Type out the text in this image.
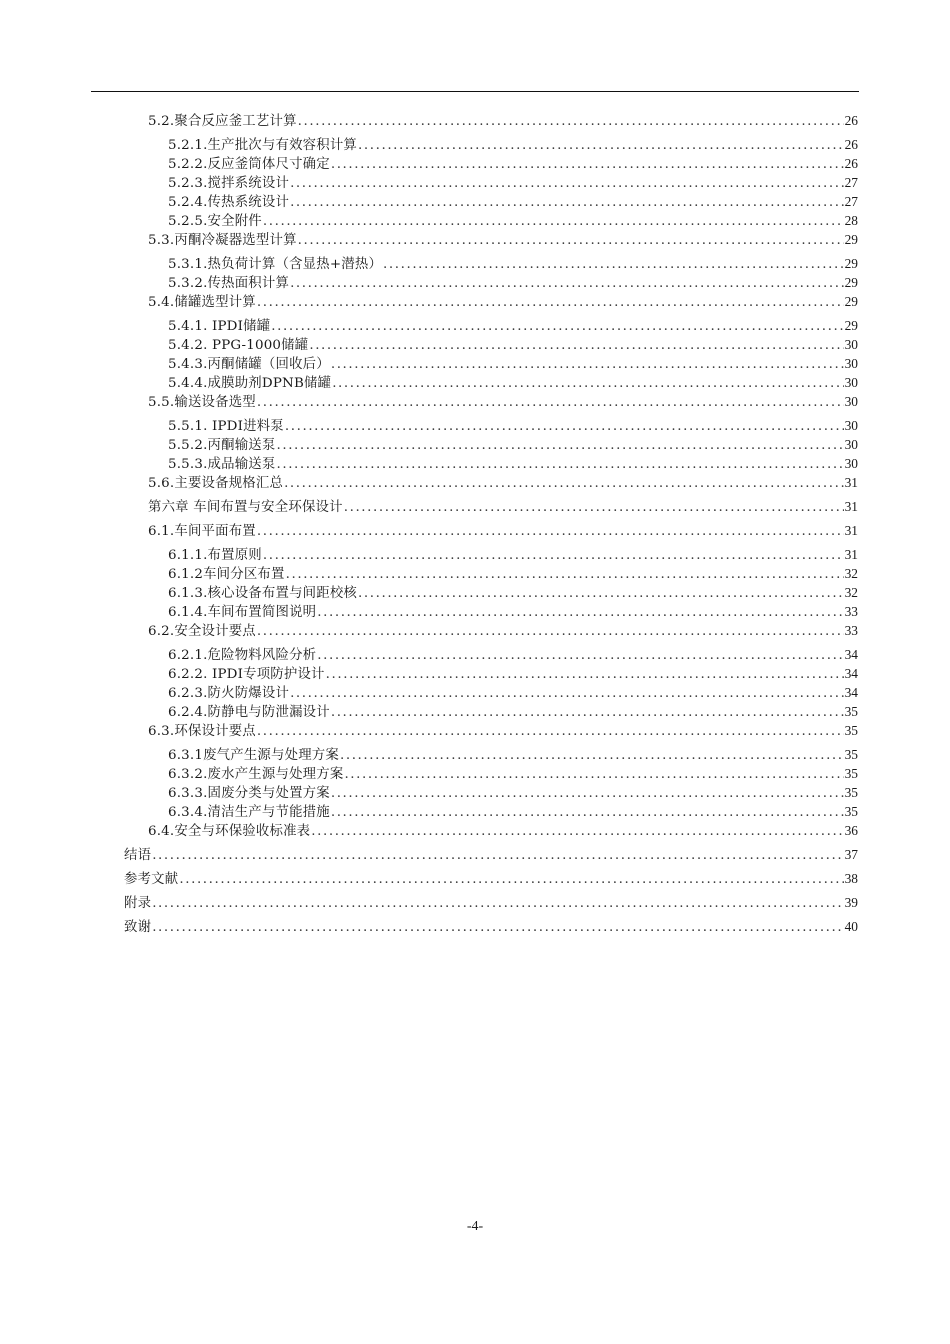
5.2.聚合反应釜工艺计算 .....	26
5.2.1.生产批次与有效容积计算 .....	26
5.2.2.反应釜筒体尺寸确定 .....	26
5.2.3.搅拌系统设计 .....	27
5.2.4.传热系统设计 .....	27
5.2.5.安全附件 .....	28
5.3.丙酮冷凝器选型计算 .....	29
5.3.1.热负荷计算（含显热+潜热） .....	29
5.3.2.传热面积计算 .....	29
5.4.储罐选型计算 .....	29
5.4.1. IPDI储罐 .....	29
5.4.2. PPG-1000储罐 .....	30
5.4.3.丙酮储罐（回收后） .....	30
5.4.4.成膜助剂DPNB储罐 .....	30
5.5.输送设备选型 .....	30
5.5.1. IPDI进料泵 .....	30
5.5.2.丙酮输送泵 .....	30
5.5.3.成品输送泵 .....	30
5.6.主要设备规格汇总 .....	31
第六章 车间布置与安全环保设计 .....	31
6.1.车间平面布置 .....	31
6.1.1.布置原则 .....	31
6.1.2车间分区布置 .....	32
6.1.3.核心设备布置与间距校核 .....	32
6.1.4.车间布置简图说明 .....	33
6.2.安全设计要点 .....	33
6.2.1.危险物料风险分析 .....	34
6.2.2. IPDI专项防护设计 .....	34
6.2.3.防火防爆设计 .....	34
6.2.4.防静电与防泄漏设计 .....	35
6.3.环保设计要点 .....	35
6.3.1废气产生源与处理方案 .....	35
6.3.2.废水产生源与处理方案 .....	35
6.3.3.固废分类与处置方案 .....	35
6.3.4.清洁生产与节能措施 .....	35
6.4.安全与环保验收标准表 .....	36
结语 .....	37
参考文献 .....	38
附录 .....	39
致谢 .....	40
-4-
